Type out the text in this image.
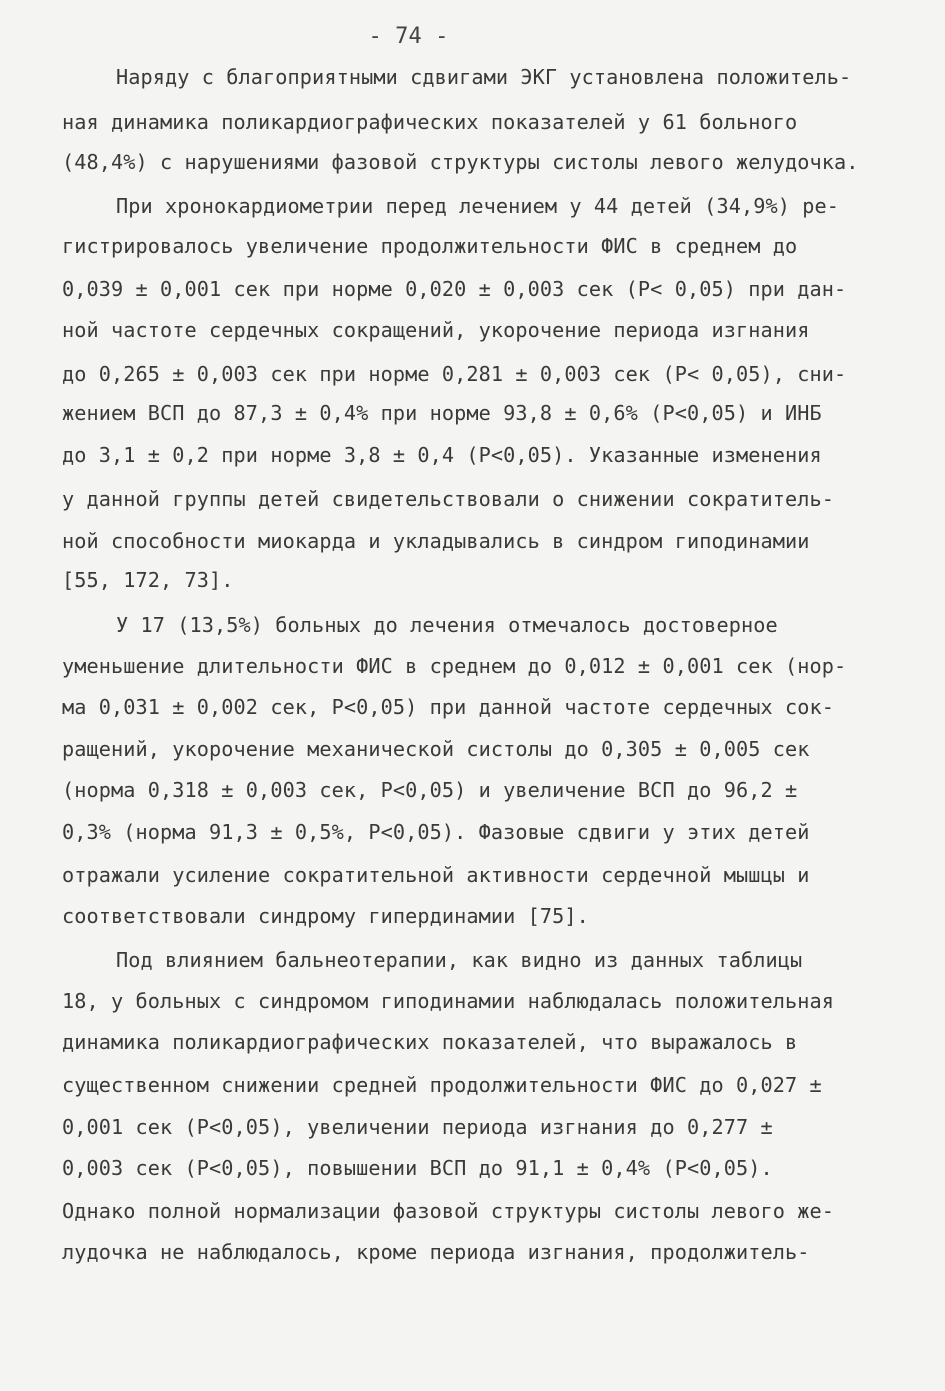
- 74 -
Наряду с благоприятными сдвигами ЭКГ установлена положитель-
ная динамика поликардиографических показателей у 61 больного
(48,4%) с нарушениями фазовой структуры систолы левого желудочка.
При хронокардиометрии перед лечением у 44 детей (34,9%) ре-
гистрировалось увеличение продолжительности ФИС в среднем до
0,039 ± 0,001 сек при норме 0,020 ± 0,003 сек (P< 0,05) при дан-
ной частоте сердечных сокращений, укорочение периода изгнания
до 0,265 ± 0,003 сек при норме 0,281 ± 0,003 сек (P< 0,05), сни-
жением ВСП до 87,3 ± 0,4% при норме 93,8 ± 0,6% (P<0,05) и ИНБ
до 3,1 ± 0,2 при норме 3,8 ± 0,4 (P<0,05). Указанные изменения
у данной группы детей свидетельствовали о снижении сократитель-
ной способности миокарда и укладывались в синдром гиподинамии
[55, 172, 73].
У 17 (13,5%) больных до лечения отмечалось достоверное
уменьшение длительности ФИС в среднем до 0,012 ± 0,001 сек (нор-
ма 0,031 ± 0,002 сек, P<0,05) при данной частоте сердечных сок-
ращений, укорочение механической систолы до 0,305 ± 0,005 сек
(норма 0,318 ± 0,003 сек, P<0,05) и увеличение ВСП до 96,2 ±
0,3% (норма 91,3 ± 0,5%, P<0,05). Фазовые сдвиги у этих детей
отражали усиление сократительной активности сердечной мышцы и
соответствовали синдрому гипердинамии [75].
Под влиянием бальнеотерапии, как видно из данных таблицы
18, у больных с синдромом гиподинамии наблюдалась положительная
динамика поликардиографических показателей, что выражалось в
существенном снижении средней продолжительности ФИС до 0,027 ±
0,001 сек (P<0,05), увеличении периода изгнания до 0,277 ±
0,003 сек (P<0,05), повышении ВСП до 91,1 ± 0,4% (P<0,05).
Однако полной нормализации фазовой структуры систолы левого же-
лудочка не наблюдалось, кроме периода изгнания, продолжитель-
